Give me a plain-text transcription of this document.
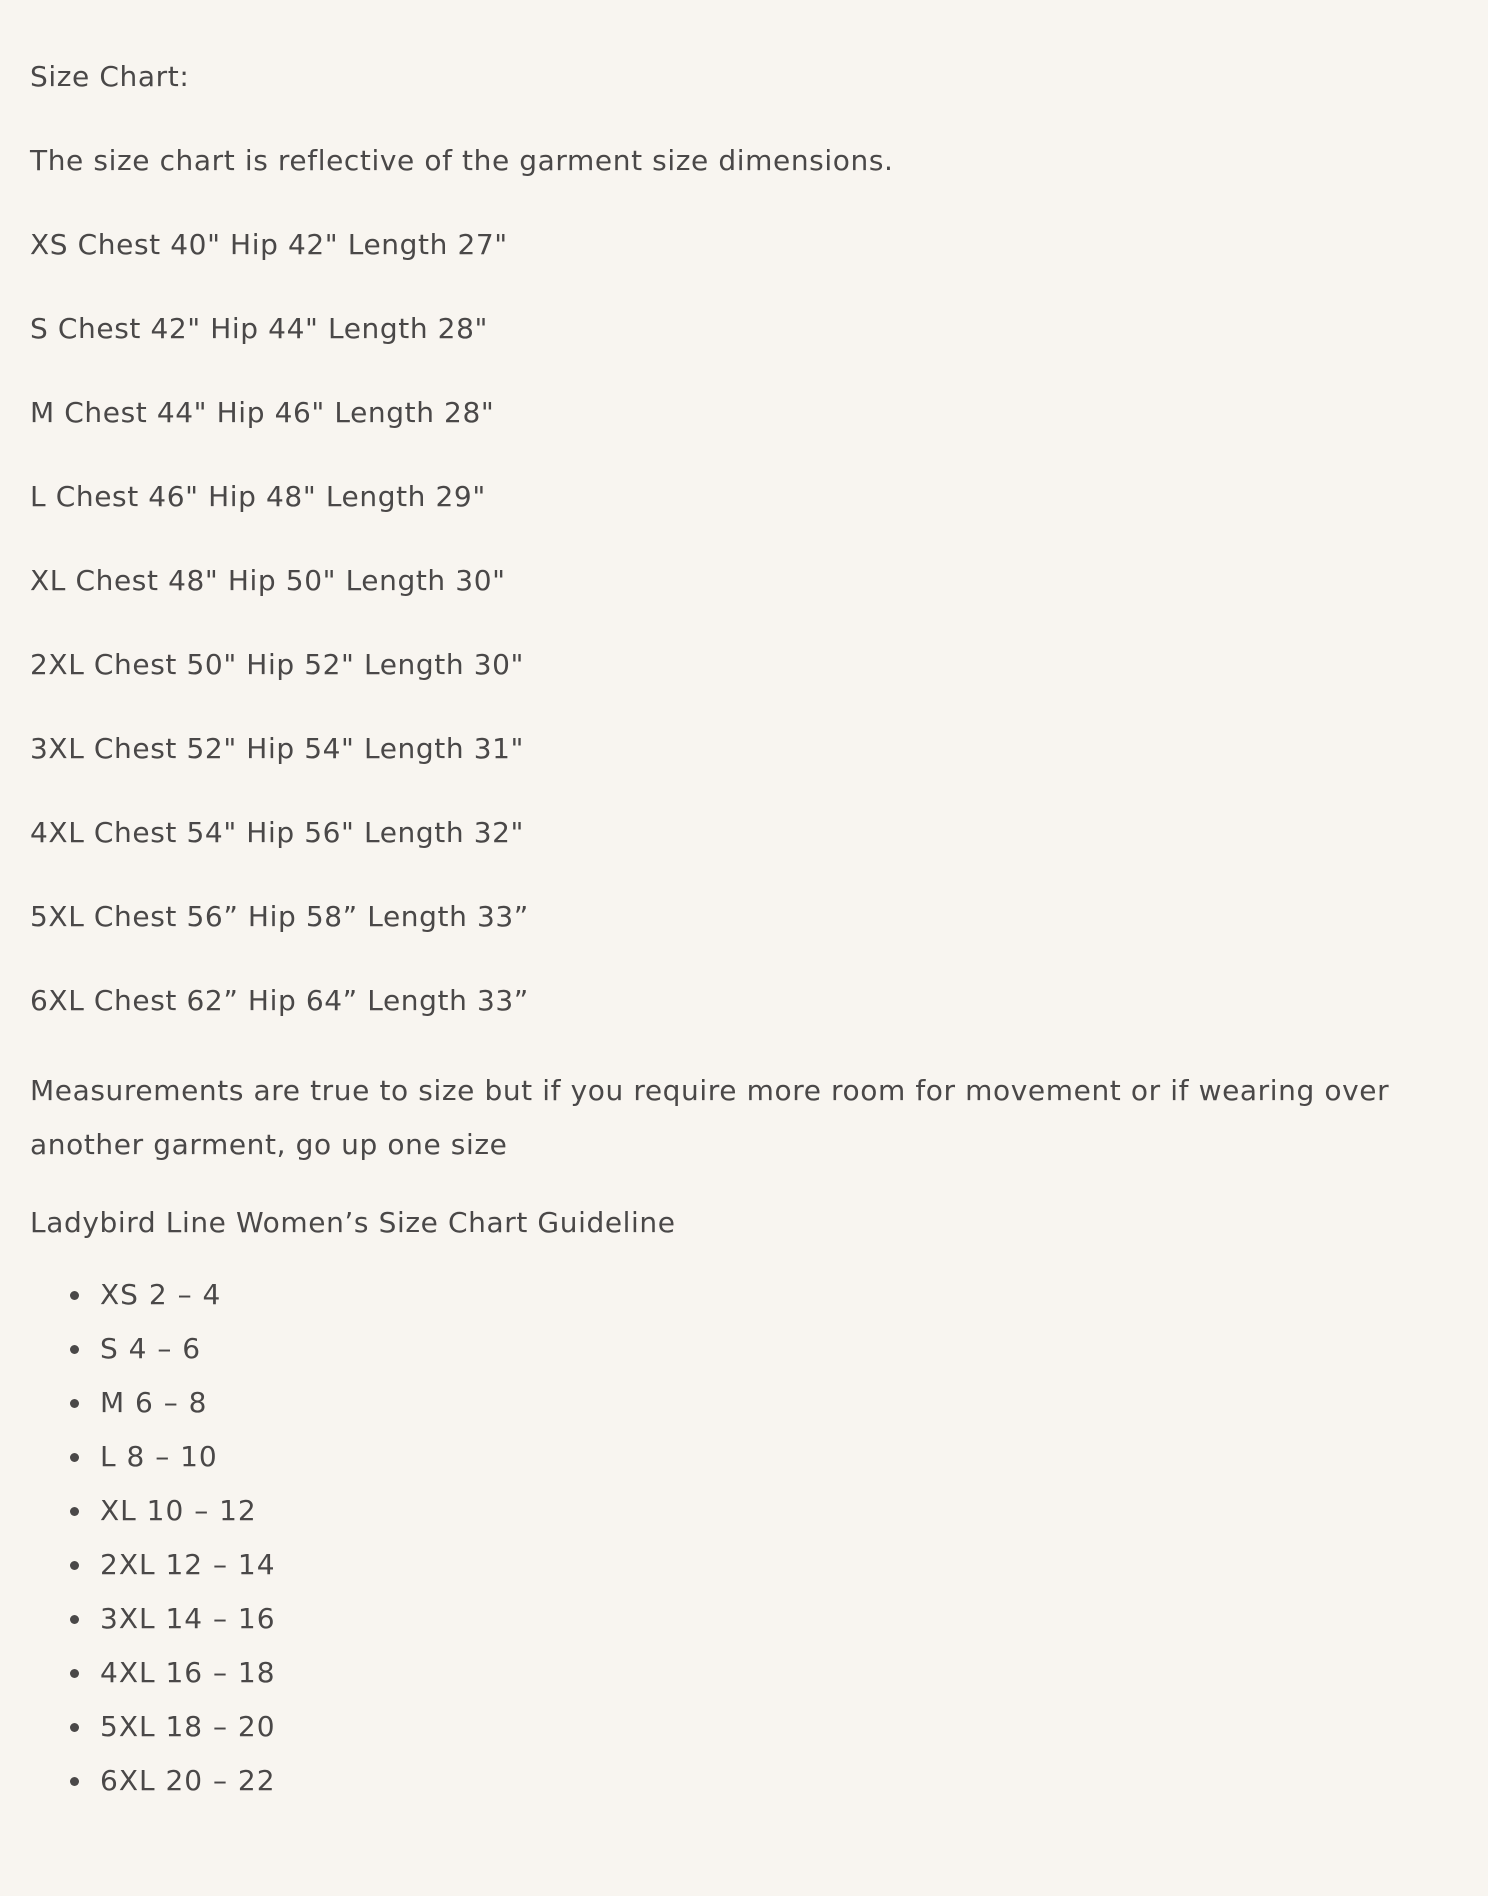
Size Chart:

The size chart is reflective of the garment size dimensions.

XS Chest 40" Hip 42" Length 27"

S Chest 42" Hip 44" Length 28"

M Chest 44" Hip 46" Length 28"

L Chest 46" Hip 48" Length 29"

XL Chest 48" Hip 50" Length 30"

2XL Chest 50" Hip 52" Length 30"

3XL Chest 52" Hip 54" Length 31"

4XL Chest 54" Hip 56" Length 32"

5XL Chest 56” Hip 58” Length 33”

6XL Chest 62” Hip 64” Length 33”

Measurements are true to size but if you require more room for movement or if wearing over another garment, go up one size

Ladybird Line Women’s Size Chart Guideline

XS 2 – 4
S 4 – 6
M 6 – 8
L 8 – 10
XL 10 – 12
2XL 12 – 14
3XL 14 – 16
4XL 16 – 18
5XL 18 – 20
6XL 20 – 22
